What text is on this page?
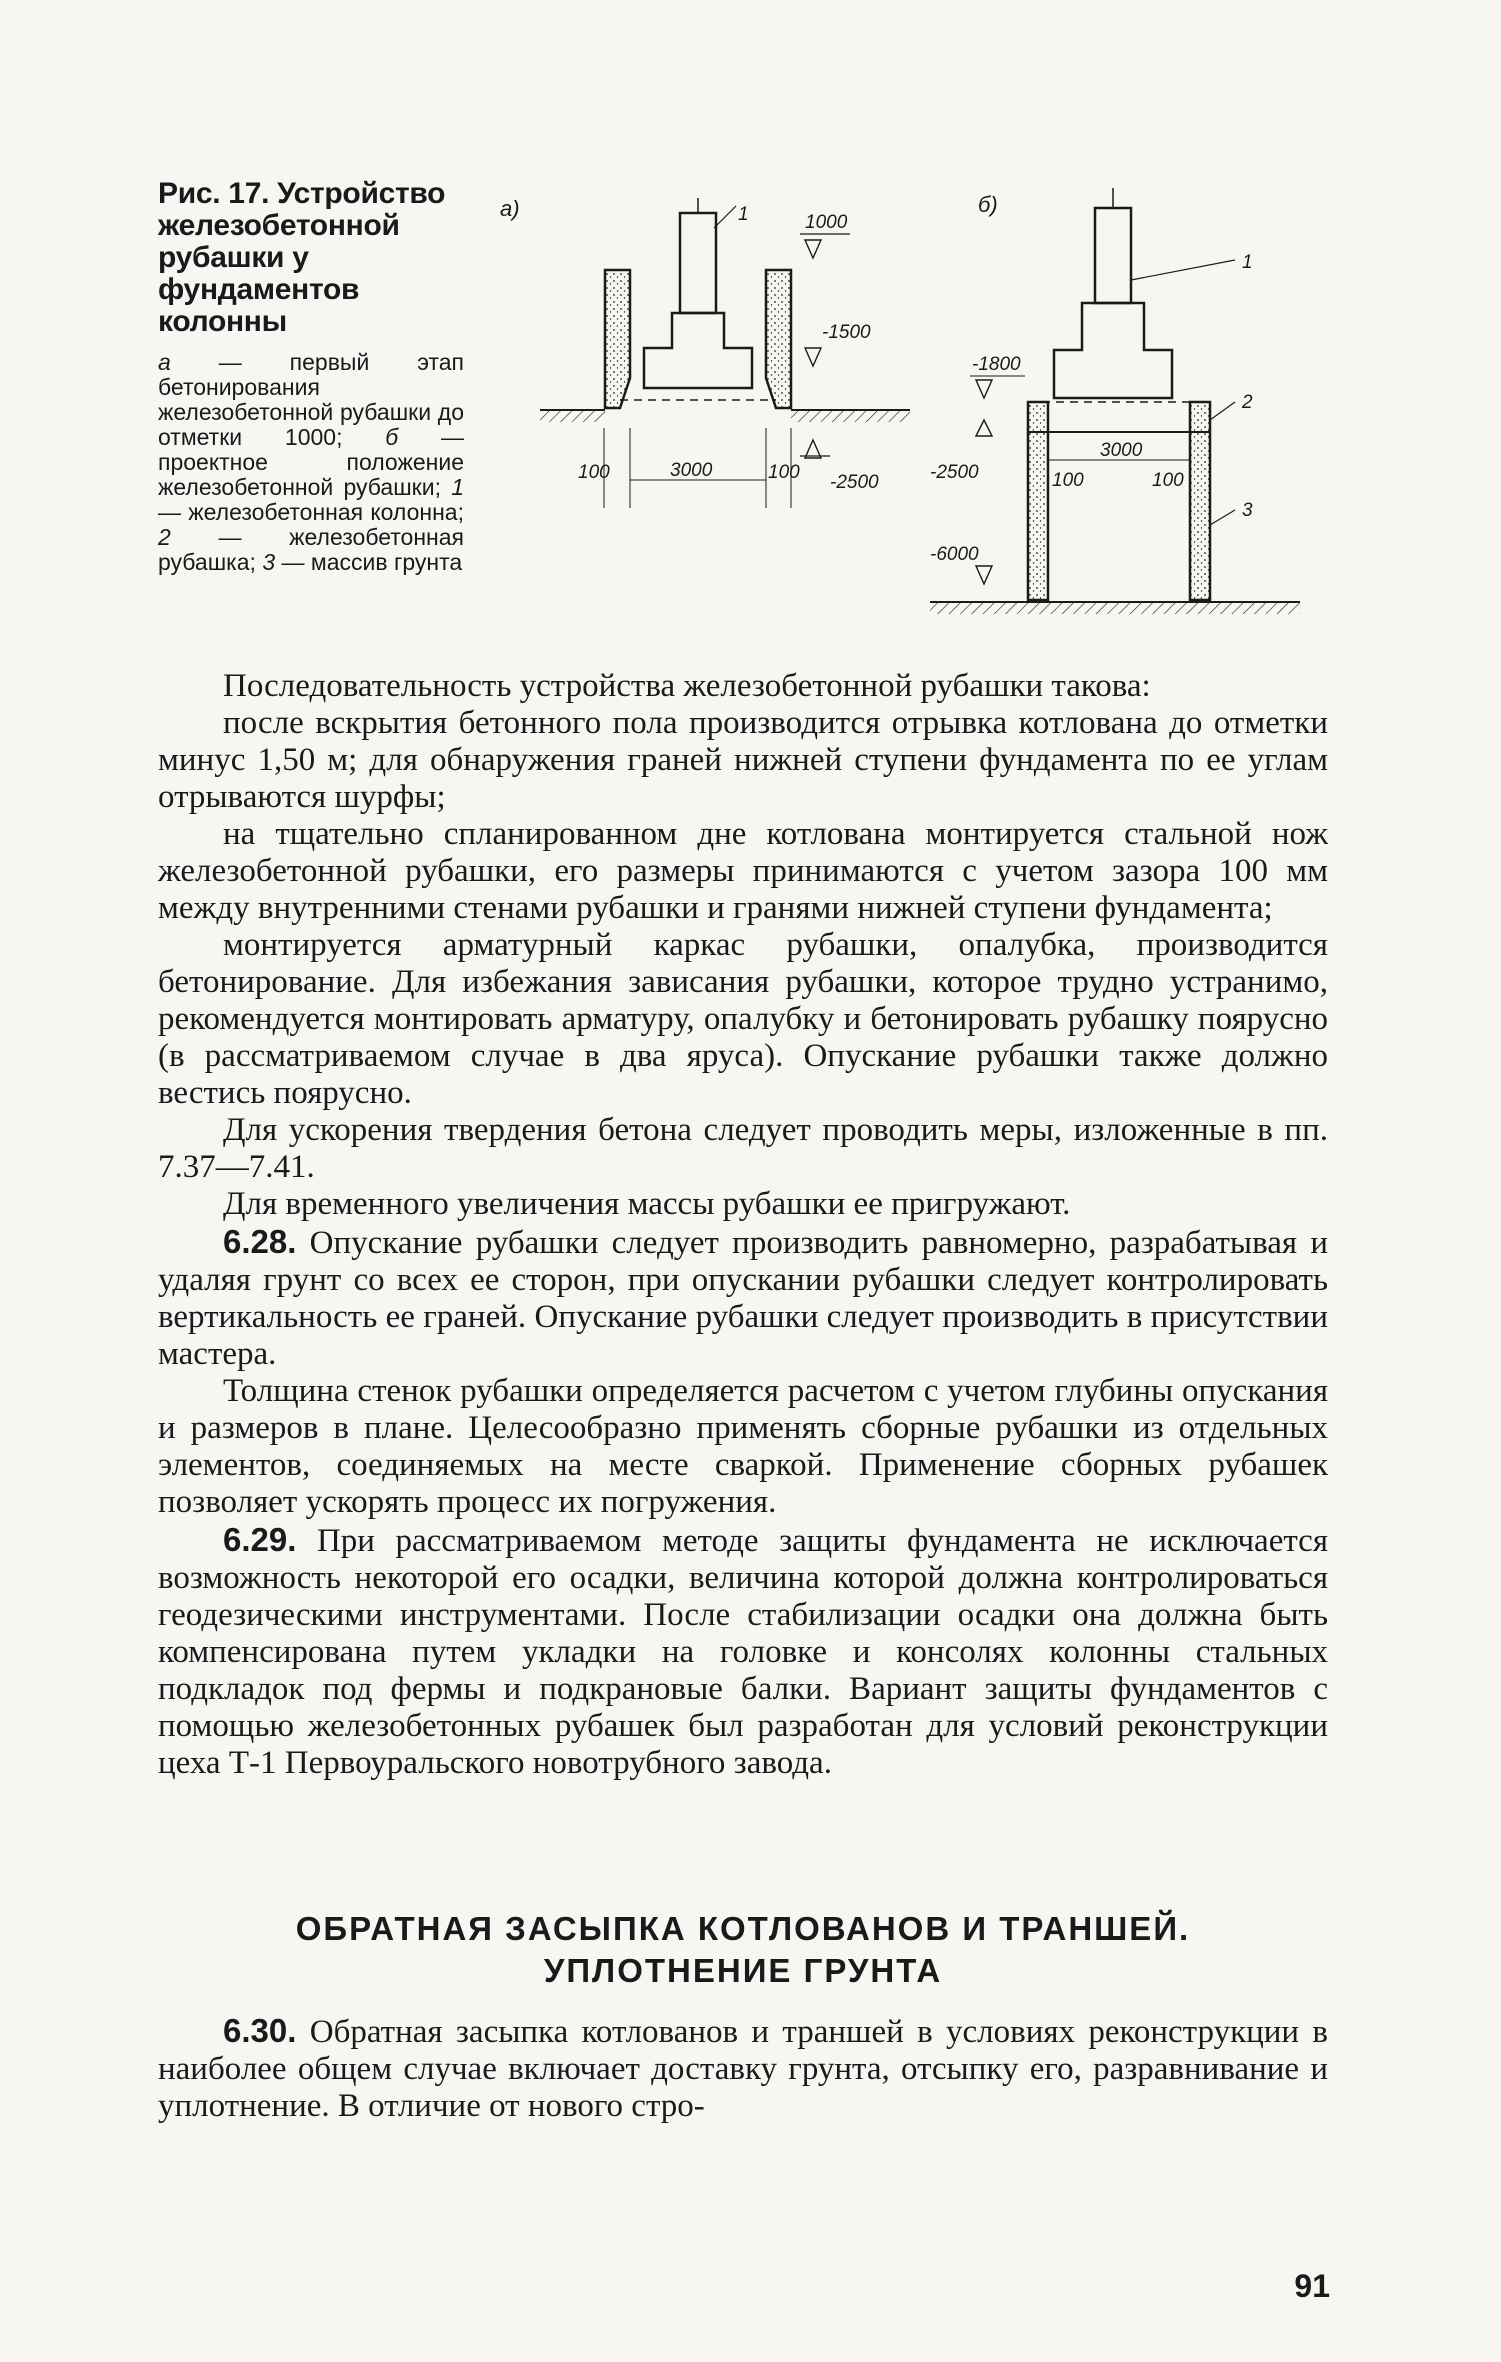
Рис. 17. Устройство железобетонной рубашки у фундаментов колонны

а — первый этап бетонирования железобетонной рубашки до отметки 1000; б — проектное положение железобетонной рубашки; 1 — железобетонная колонна; 2 — железобетонная рубашка; 3 — массив грунта
а)	1	1000
-1500
-2500
100	3000	100
б)
1
2
3
-1800
-2500
-6000
3000
100	100

Последовательность устройства железобетонной рубашки такова:

после вскрытия бетонного пола производится отрывка котлована до отметки минус 1,50 м; для обнаружения граней нижней ступени фундамента по ее углам отрываются шурфы;

на тщательно спланированном дне котлована монтируется стальной нож железобетонной рубашки, его размеры принимаются с учетом зазора 100 мм между внутренними стенами рубашки и гранями нижней ступени фундамента;

монтируется арматурный каркас рубашки, опалубка, производится бетонирование. Для избежания зависания рубашки, которое трудно устранимо, рекомендуется монтировать арматуру, опалубку и бетонировать рубашку поярусно (в рассматриваемом случае в два яруса). Опускание рубашки также должно вестись поярусно.

Для ускорения твердения бетона следует проводить меры, изложенные в пп. 7.37—7.41.

Для временного увеличения массы рубашки ее пригружают.

6.28. Опускание рубашки следует производить равномерно, разрабатывая и удаляя грунт со всех ее сторон, при опускании рубашки следует контролировать вертикальность ее граней. Опускание рубашки следует производить в присутствии мастера.

Толщина стенок рубашки определяется расчетом с учетом глубины опускания и размеров в плане. Целесообразно применять сборные рубашки из отдельных элементов, соединяемых на месте сваркой. Применение сборных рубашек позволяет ускорять процесс их погружения.

6.29. При рассматриваемом методе защиты фундамента не исключается возможность некоторой его осадки, величина которой должна контролироваться геодезическими инструментами. После стабилизации осадки она должна быть компенсирована путем укладки на головке и консолях колонны стальных подкладок под фермы и подкрановые балки. Вариант защиты фундаментов с помощью железобетонных рубашек был разработан для условий реконструкции цеха Т-1 Первоуральского новотрубного завода.

ОБРАТНАЯ ЗАСЫПКА КОТЛОВАНОВ И ТРАНШЕЙ.
УПЛОТНЕНИЕ ГРУНТА

6.30. Обратная засыпка котлованов и траншей в условиях реконструкции в наиболее общем случае включает доставку грунта, отсыпку его, разравнивание и уплотнение. В отличие от нового стро-

91
